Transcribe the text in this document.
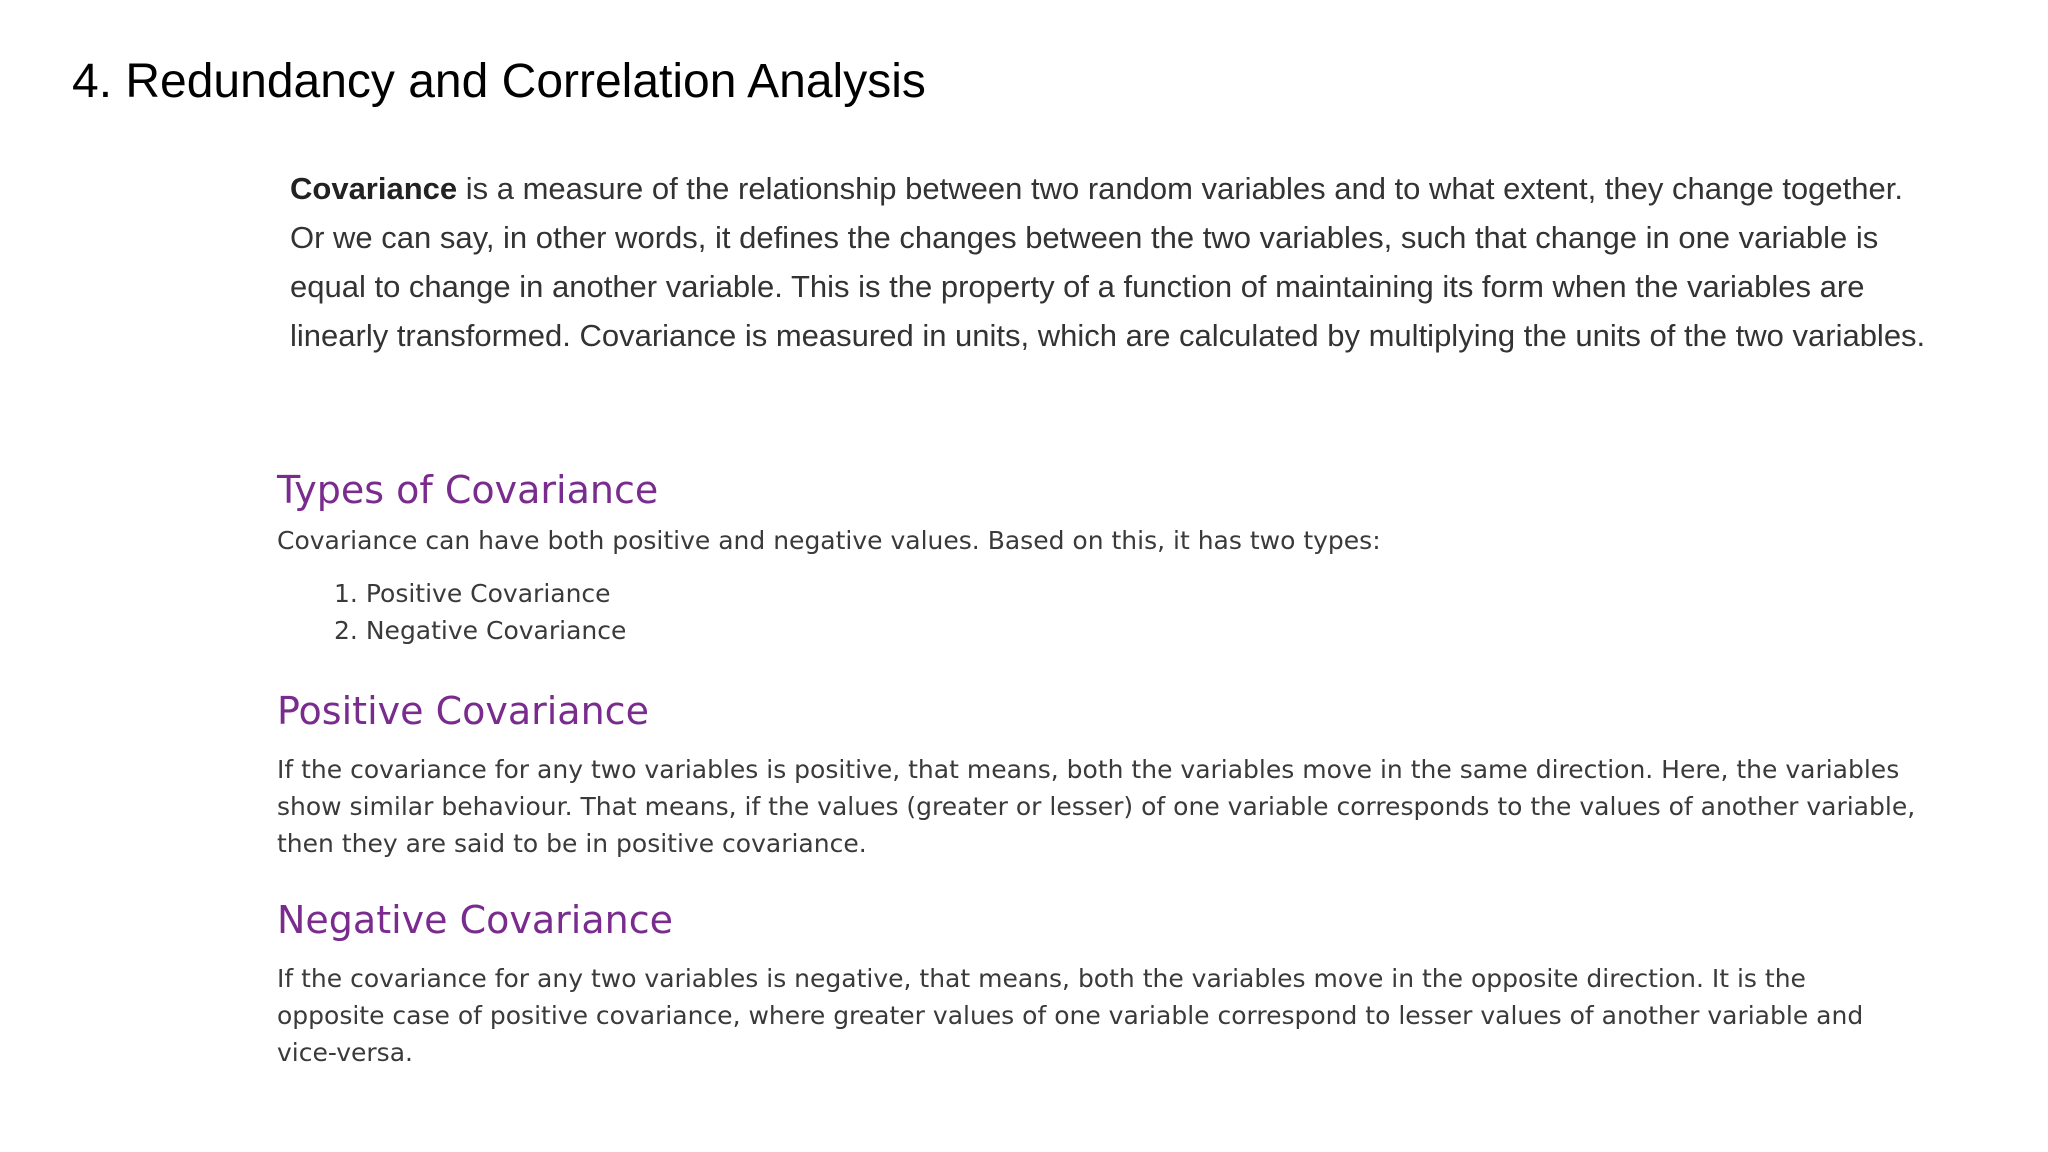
4. Redundancy and Correlation Analysis

Covariance is a measure of the relationship between two random variables and to what extent, they change together. Or we can say, in other words, it defines the changes between the two variables, such that change in one variable is equal to change in another variable. This is the property of a function of maintaining its form when the variables are linearly transformed. Covariance is measured in units, which are calculated by multiplying the units of the two variables.

Types of Covariance

Covariance can have both positive and negative values. Based on this, it has two types:

1. Positive Covariance
2. Negative Covariance
Positive Covariance

If the covariance for any two variables is positive, that means, both the variables move in the same direction. Here, the variables show similar behaviour. That means, if the values (greater or lesser) of one variable corresponds to the values of another variable, then they are said to be in positive covariance.

Negative Covariance

If the covariance for any two variables is negative, that means, both the variables move in the opposite direction. It is the opposite case of positive covariance, where greater values of one variable correspond to lesser values of another variable and vice-versa.
